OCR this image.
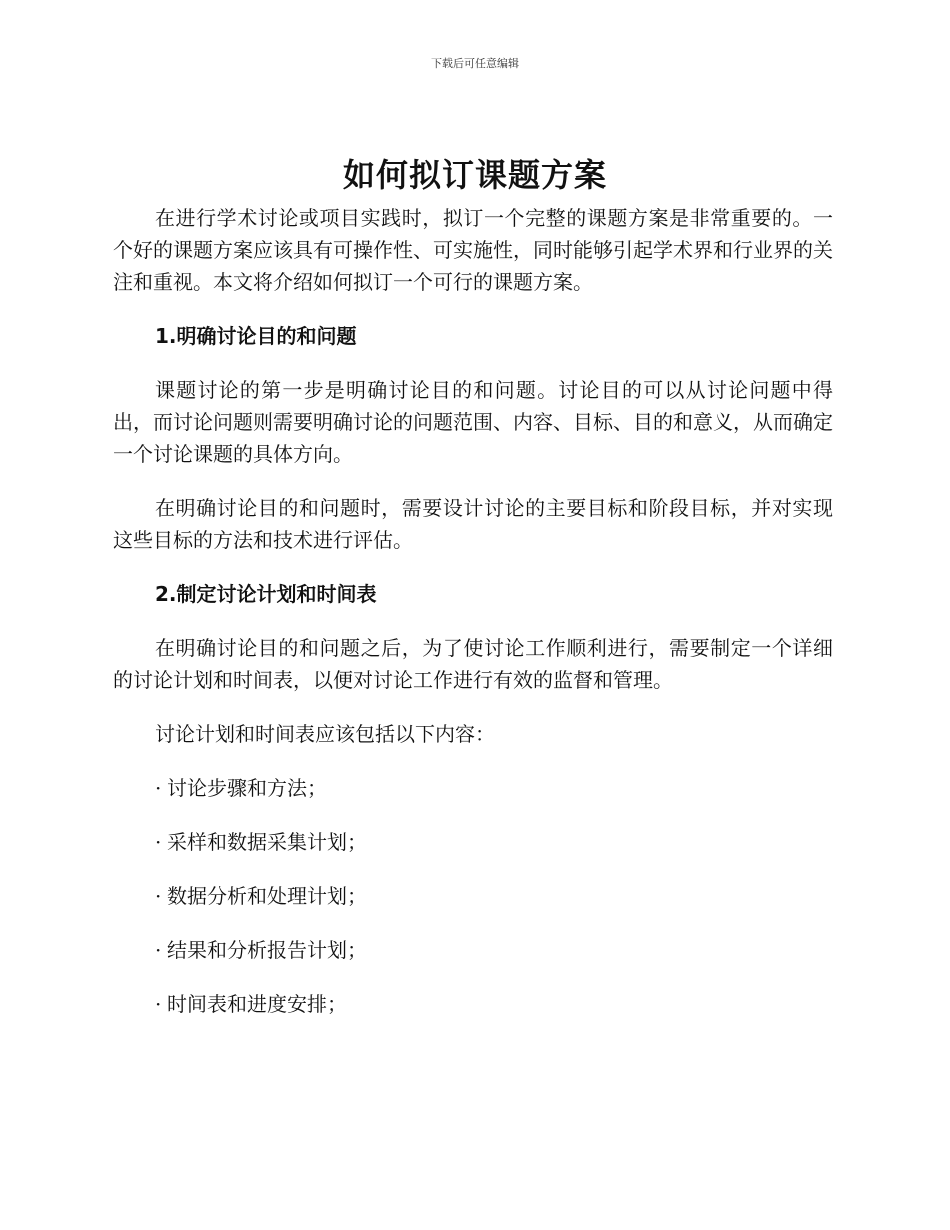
下载后可任意编辑
如何拟订课题方案

在进行学术讨论或项目实践时，拟订一个完整的课题方案是非常重要的。一个好的课题方案应该具有可操作性、可实施性，同时能够引起学术界和行业界的关注和重视。本文将介绍如何拟订一个可行的课题方案。

1.明确讨论目的和问题

课题讨论的第一步是明确讨论目的和问题。讨论目的可以从讨论问题中得出，而讨论问题则需要明确讨论的问题范围、内容、目标、目的和意义，从而确定一个讨论课题的具体方向。

在明确讨论目的和问题时，需要设计讨论的主要目标和阶段目标，并对实现这些目标的方法和技术进行评估。

2.制定讨论计划和时间表

在明确讨论目的和问题之后，为了使讨论工作顺利进行，需要制定一个详细的讨论计划和时间表，以便对讨论工作进行有效的监督和管理。

讨论计划和时间表应该包括以下内容：

· 讨论步骤和方法；
· 采样和数据采集计划；
· 数据分析和处理计划；
· 结果和分析报告计划；
· 时间表和进度安排；
